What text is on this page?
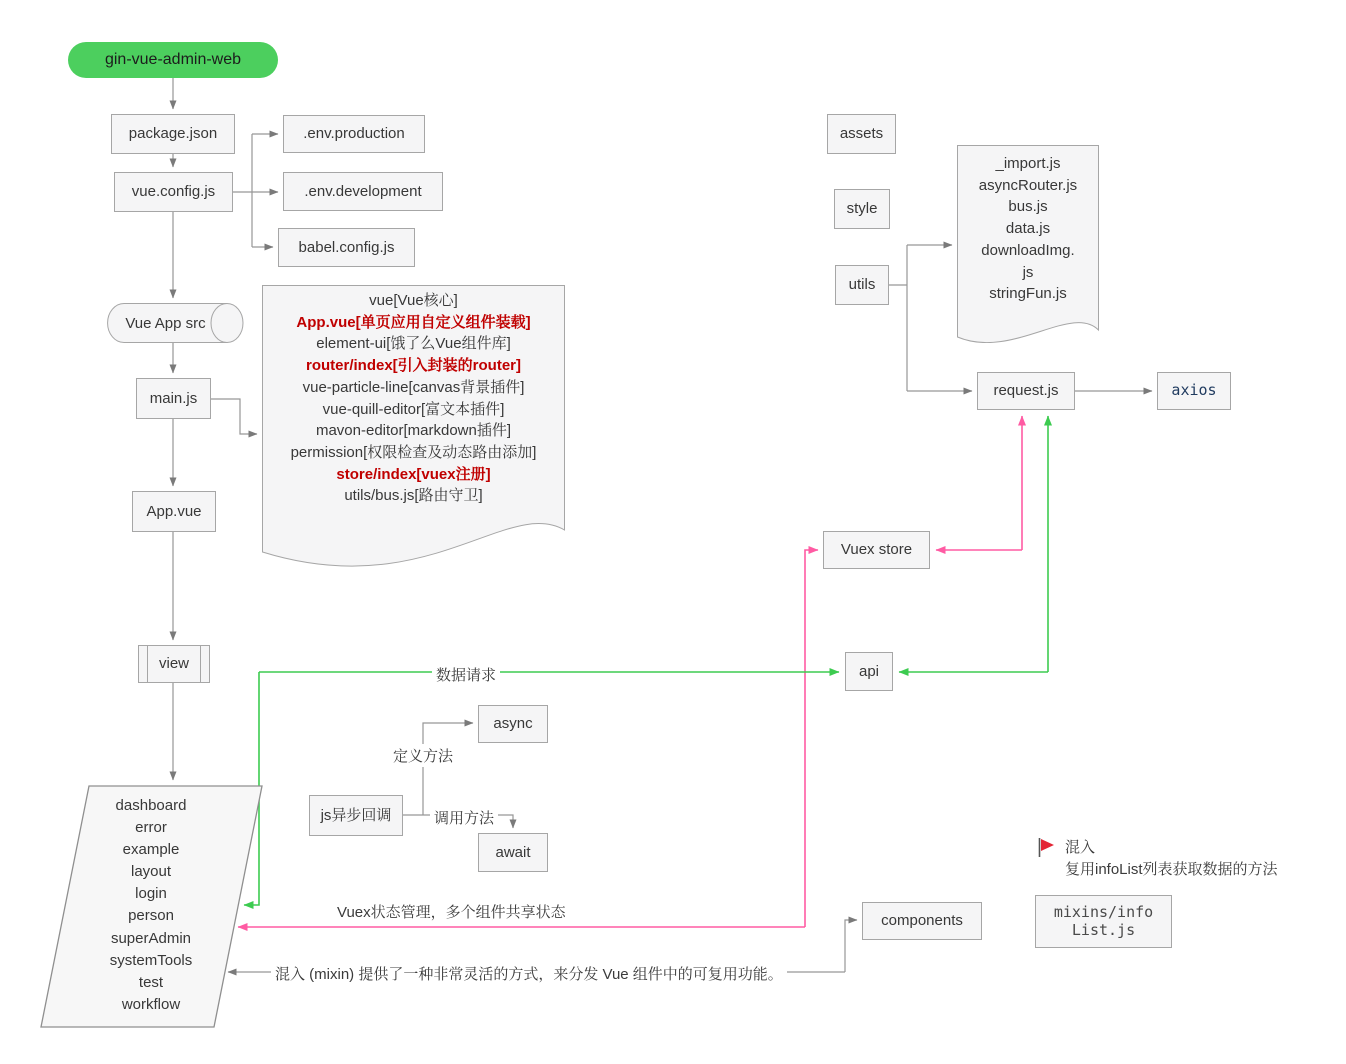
gin-vue-admin-web
package.json
vue.config.js
.env.production
.env.development
babel.config.js
Vue App src
main.js
App.vue
view
vue[Vue核心]
App.vue[单页应用自定义组件装载]
element-ui[饿了么Vue组件库]
router/index[引入封装的router]
vue-particle-line[canvas背景插件]
vue-quill-editor[富文本插件]
mavon-editor[markdown插件]
permission[权限检查及动态路由添加]
store/index[vuex注册]
utils/bus.js[路由守卫]
dashboard
error
example
layout
login
person
superAdmin
systemTools
test
workflow
js异步回调
async
await
定义方法
调用方法
assets
style
utils
_import.js
asyncRouter.js
bus.js
data.js
downloadImg.
js
stringFun.js
request.js	axios
Vuex store
api
components	mixins/info
List.js
数据请求
Vuex状态管理，多个组件共享状态
混入 (mixin) 提供了一种非常灵活的方式，来分发 Vue 组件中的可复用功能。
混入
复用infoList列表获取数据的方法
